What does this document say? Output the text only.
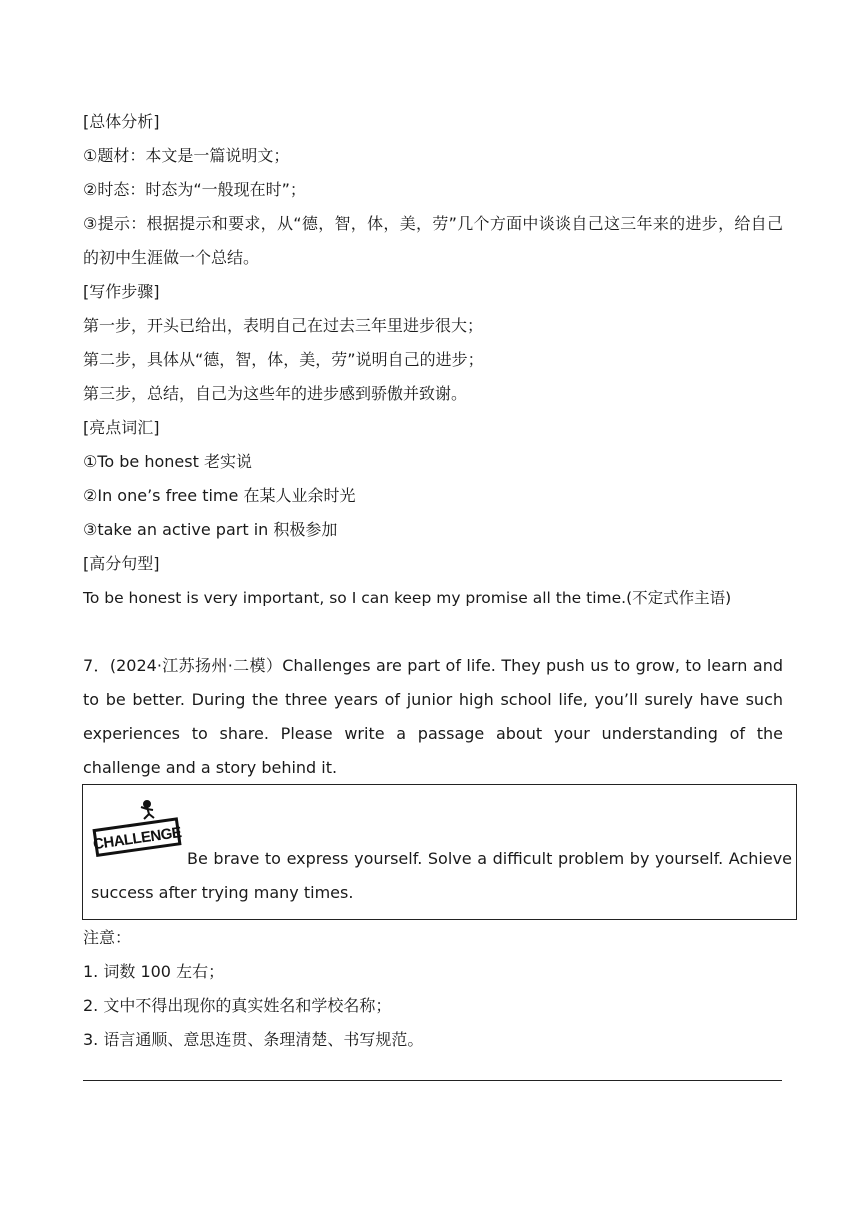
[总体分析]
①题材：本文是一篇说明文；
②时态：时态为“一般现在时”；
③提示：根据提示和要求，从“德，智，体，美，劳”几个方面中谈谈自己这三年来的进步，给自己
的初中生涯做一个总结。
[写作步骤]
第一步，开头已给出，表明自己在过去三年里进步很大；
第二步，具体从“德，智，体，美，劳”说明自己的进步；
第三步，总结，自己为这些年的进步感到骄傲并致谢。
[亮点词汇]
①To be honest 老实说
②In one’s free time 在某人业余时光
③take an active part in 积极参加
[高分句型]
To be honest is very important, so I can keep my promise all the time.(不定式作主语)
7．(2024·江苏扬州·二模）Challenges are part of life. They push us to grow, to learn and
to be better. During the three years of junior high school life, you’ll surely have such
experiences to share. Please write a passage about your understanding of the
challenge and a story behind it.
CHALLENGE
Be brave to express yourself. Solve a difficult problem by yourself. Achieve
success after trying many times.
注意：
1. 词数 100 左右；
2. 文中不得出现你的真实姓名和学校名称；
3. 语言通顺、意思连贯、条理清楚、书写规范。
